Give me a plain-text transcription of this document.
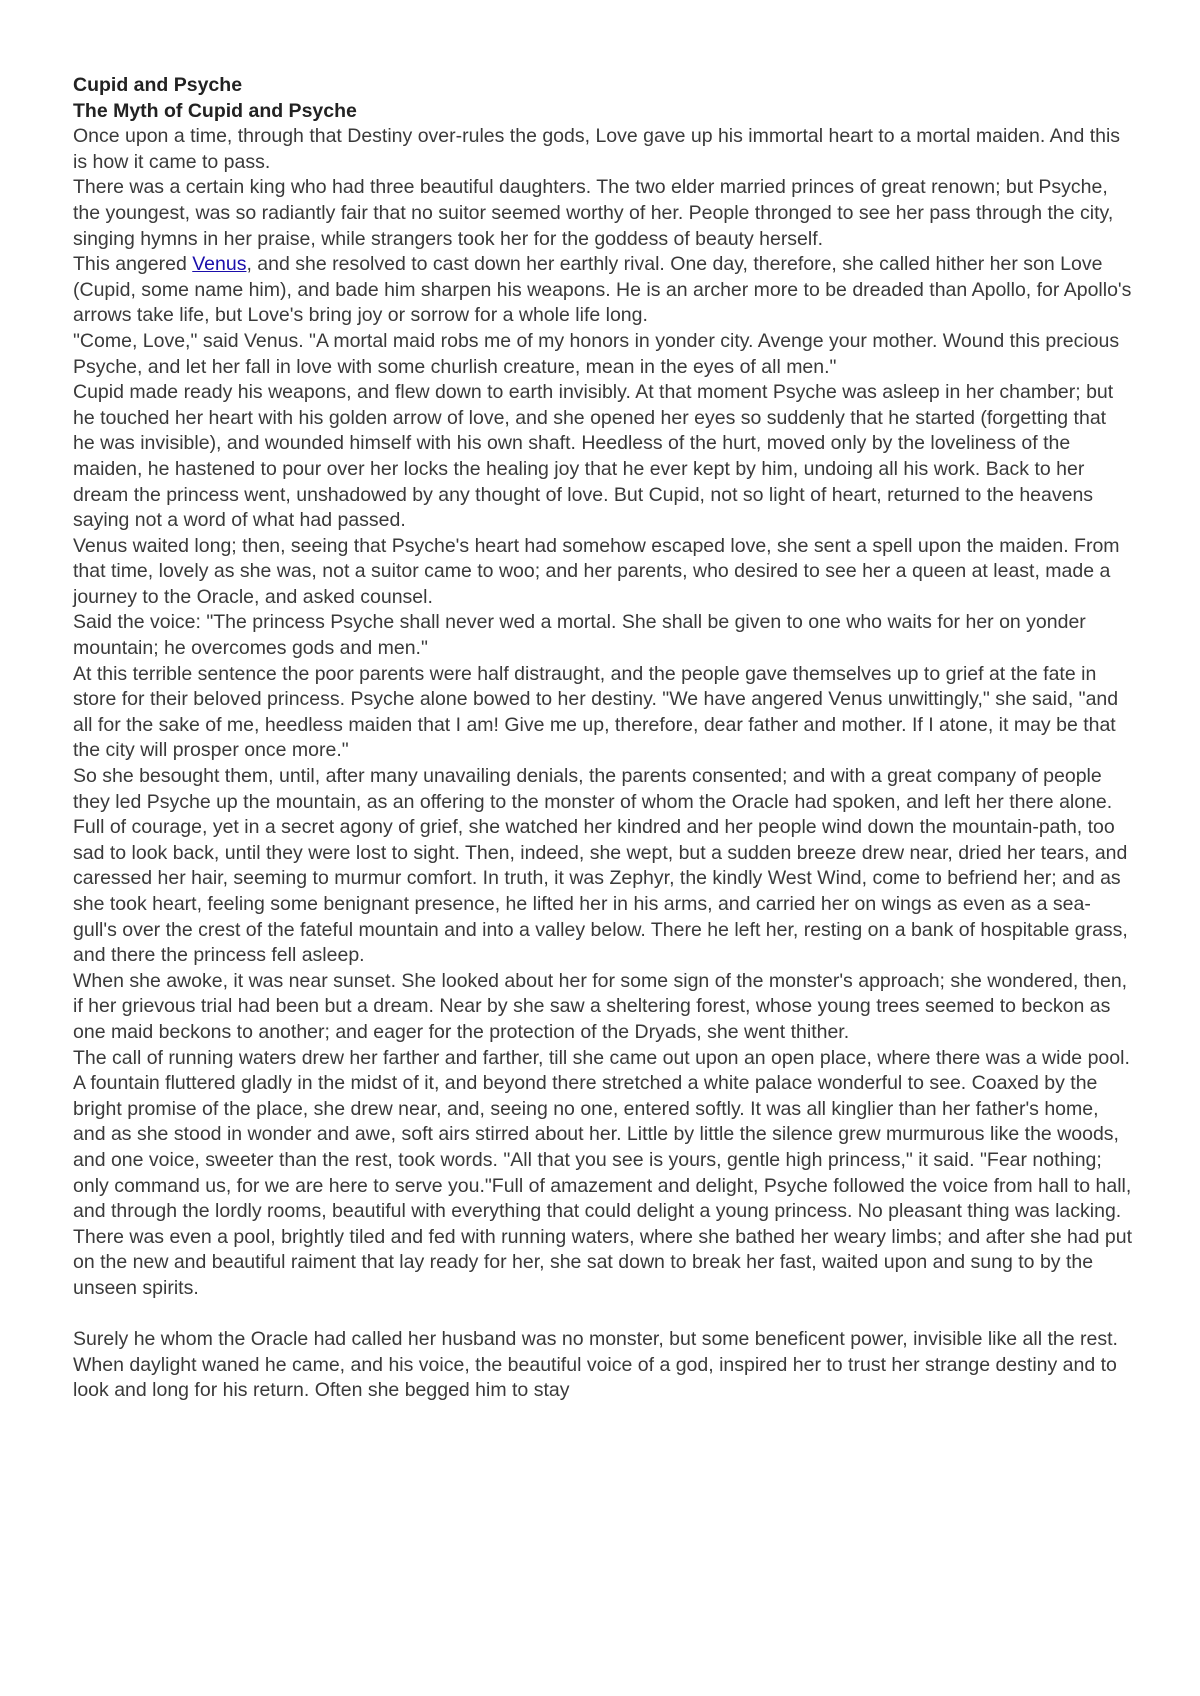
Cupid and Psyche
The Myth of Cupid and Psyche

Once upon a time, through that Destiny over-rules the gods, Love gave up his immortal heart to a mortal maiden. And this is how it came to pass.

There was a certain king who had three beautiful daughters. The two elder married princes of great renown; but Psyche, the youngest, was so radiantly fair that no suitor seemed worthy of her. People thronged to see her pass through the city, singing hymns in her praise, while strangers took her for the goddess of beauty herself.

This angered Venus, and she resolved to cast down her earthly rival. One day, therefore, she called hither her son Love (Cupid, some name him), and bade him sharpen his weapons. He is an archer more to be dreaded than Apollo, for Apollo's arrows take life, but Love's bring joy or sorrow for a whole life long.

"Come, Love," said Venus. "A mortal maid robs me of my honors in yonder city. Avenge your mother. Wound this precious Psyche, and let her fall in love with some churlish creature, mean in the eyes of all men."

Cupid made ready his weapons, and flew down to earth invisibly. At that moment Psyche was asleep in her chamber; but he touched her heart with his golden arrow of love, and she opened her eyes so suddenly that he started (forgetting that he was invisible), and wounded himself with his own shaft. Heedless of the hurt, moved only by the loveliness of the maiden, he hastened to pour over her locks the healing joy that he ever kept by him, undoing all his work. Back to her dream the princess went, unshadowed by any thought of love. But Cupid, not so light of heart, returned to the heavens saying not a word of what had passed.

Venus waited long; then, seeing that Psyche's heart had somehow escaped love, she sent a spell upon the maiden. From that time, lovely as she was, not a suitor came to woo; and her parents, who desired to see her a queen at least, made a journey to the Oracle, and asked counsel.

Said the voice: "The princess Psyche shall never wed a mortal. She shall be given to one who waits for her on yonder mountain; he overcomes gods and men."

At this terrible sentence the poor parents were half distraught, and the people gave themselves up to grief at the fate in store for their beloved princess. Psyche alone bowed to her destiny. "We have angered Venus unwittingly," she said, "and all for the sake of me, heedless maiden that I am! Give me up, therefore, dear father and mother. If I atone, it may be that the city will prosper once more."

So she besought them, until, after many unavailing denials, the parents consented; and with a great company of people they led Psyche up the mountain, as an offering to the monster of whom the Oracle had spoken, and left her there alone.

Full of courage, yet in a secret agony of grief, she watched her kindred and her people wind down the mountain-path, too sad to look back, until they were lost to sight. Then, indeed, she wept, but a sudden breeze drew near, dried her tears, and caressed her hair, seeming to murmur comfort. In truth, it was Zephyr, the kindly West Wind, come to befriend her; and as she took heart, feeling some benignant presence, he lifted her in his arms, and carried her on wings as even as a sea-gull's over the crest of the fateful mountain and into a valley below. There he left her, resting on a bank of hospitable grass, and there the princess fell asleep.

When she awoke, it was near sunset. She looked about her for some sign of the monster's approach; she wondered, then, if her grievous trial had been but a dream. Near by she saw a sheltering forest, whose young trees seemed to beckon as one maid beckons to another; and eager for the protection of the Dryads, she went thither.

The call of running waters drew her farther and farther, till she came out upon an open place, where there was a wide pool. A fountain fluttered gladly in the midst of it, and beyond there stretched a white palace wonderful to see. Coaxed by the bright promise of the place, she drew near, and, seeing no one, entered softly. It was all kinglier than her father's home, and as she stood in wonder and awe, soft airs stirred about her. Little by little the silence grew murmurous like the woods, and one voice, sweeter than the rest, took words. "All that you see is yours, gentle high princess," it said. "Fear nothing; only command us, for we are here to serve you."Full of amazement and delight, Psyche followed the voice from hall to hall, and through the lordly rooms, beautiful with everything that could delight a young princess. No pleasant thing was lacking. There was even a pool, brightly tiled and fed with running waters, where she bathed her weary limbs; and after she had put on the new and beautiful raiment that lay ready for her, she sat down to break her fast, waited upon and sung to by the unseen spirits.

Surely he whom the Oracle had called her husband was no monster, but some beneficent power, invisible like all the rest. When daylight waned he came, and his voice, the beautiful voice of a god, inspired her to trust her strange destiny and to look and long for his return. Often she begged him to stay
